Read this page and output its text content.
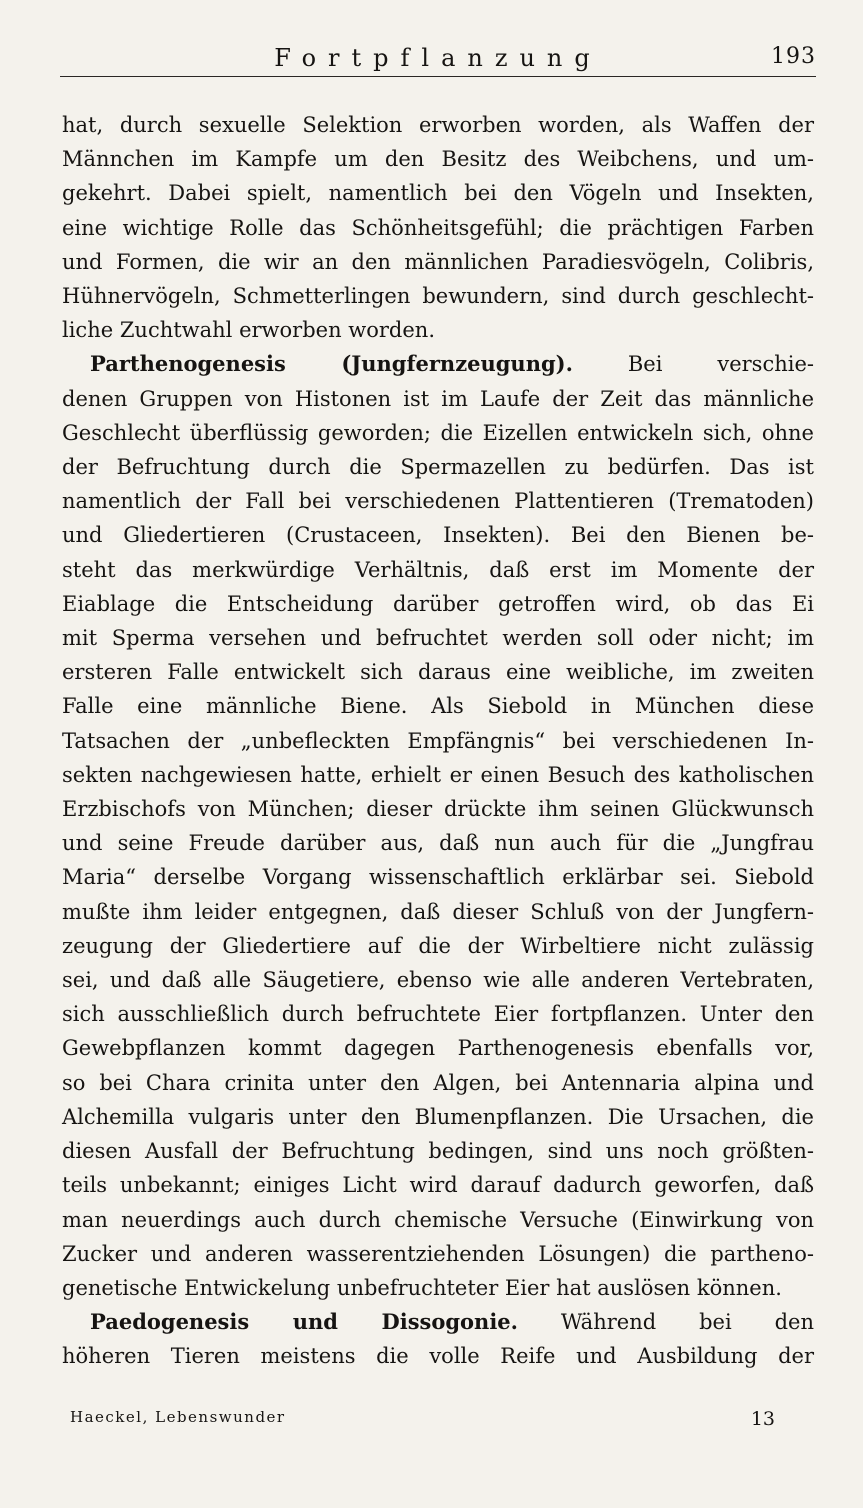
Fortpflanzung	193

hat, durch sexuelle Selektion erworben worden, als Waffen der

Männchen im Kampfe um den Besitz des Weibchens, und um-

gekehrt. Dabei spielt, namentlich bei den Vögeln und Insekten,

eine wichtige Rolle das Schönheitsgefühl; die prächtigen Farben

und Formen, die wir an den männlichen Paradiesvögeln, Colibris,

Hühnervögeln, Schmetterlingen bewundern, sind durch geschlecht-

liche Zuchtwahl erworben worden.

Parthenogenesis (Jungfernzeugung).	Bei verschie-

denen Gruppen von Histonen ist im Laufe der Zeit das männliche

Geschlecht überflüssig geworden; die Eizellen entwickeln sich, ohne

der Befruchtung durch die Spermazellen zu bedürfen. Das ist

namentlich der Fall bei verschiedenen Plattentieren (Trematoden)

und Gliedertieren (Crustaceen, Insekten). Bei den Bienen be-

steht das merkwürdige Verhältnis, daß erst im Momente der

Eiablage die Entscheidung darüber getroffen wird, ob das Ei

mit Sperma versehen und befruchtet werden soll oder nicht; im

ersteren Falle entwickelt sich daraus eine weibliche, im zweiten

Falle eine männliche Biene. Als Siebold in München diese

Tatsachen der „unbefleckten Empfängnis“ bei verschiedenen In-

sekten nachgewiesen hatte, erhielt er einen Besuch des katholischen

Erzbischofs von München; dieser drückte ihm seinen Glückwunsch

und seine Freude darüber aus, daß nun auch für die „Jungfrau

Maria“ derselbe Vorgang wissenschaftlich erklärbar sei. Siebold

mußte ihm leider entgegnen, daß dieser Schluß von der Jungfern-

zeugung der Gliedertiere auf die der Wirbeltiere nicht zulässig

sei, und daß alle Säugetiere, ebenso wie alle anderen Vertebraten,

sich ausschließlich durch befruchtete Eier fortpflanzen. Unter den

Gewebpflanzen kommt dagegen Parthenogenesis ebenfalls vor,

so bei Chara crinita unter den Algen, bei Antennaria alpina und

Alchemilla vulgaris unter den Blumenpflanzen. Die Ursachen, die

diesen Ausfall der Befruchtung bedingen, sind uns noch größten-

teils unbekannt; einiges Licht wird darauf dadurch geworfen, daß

man neuerdings auch durch chemische Versuche (Einwirkung von

Zucker und anderen wasserentziehenden Lösungen) die partheno-

genetische Entwickelung unbefruchteter Eier hat auslösen können.

Paedogenesis und Dissogonie. Während bei den

höheren Tieren meistens die volle Reife und Ausbildung der

Haeckel, Lebenswunder	13
